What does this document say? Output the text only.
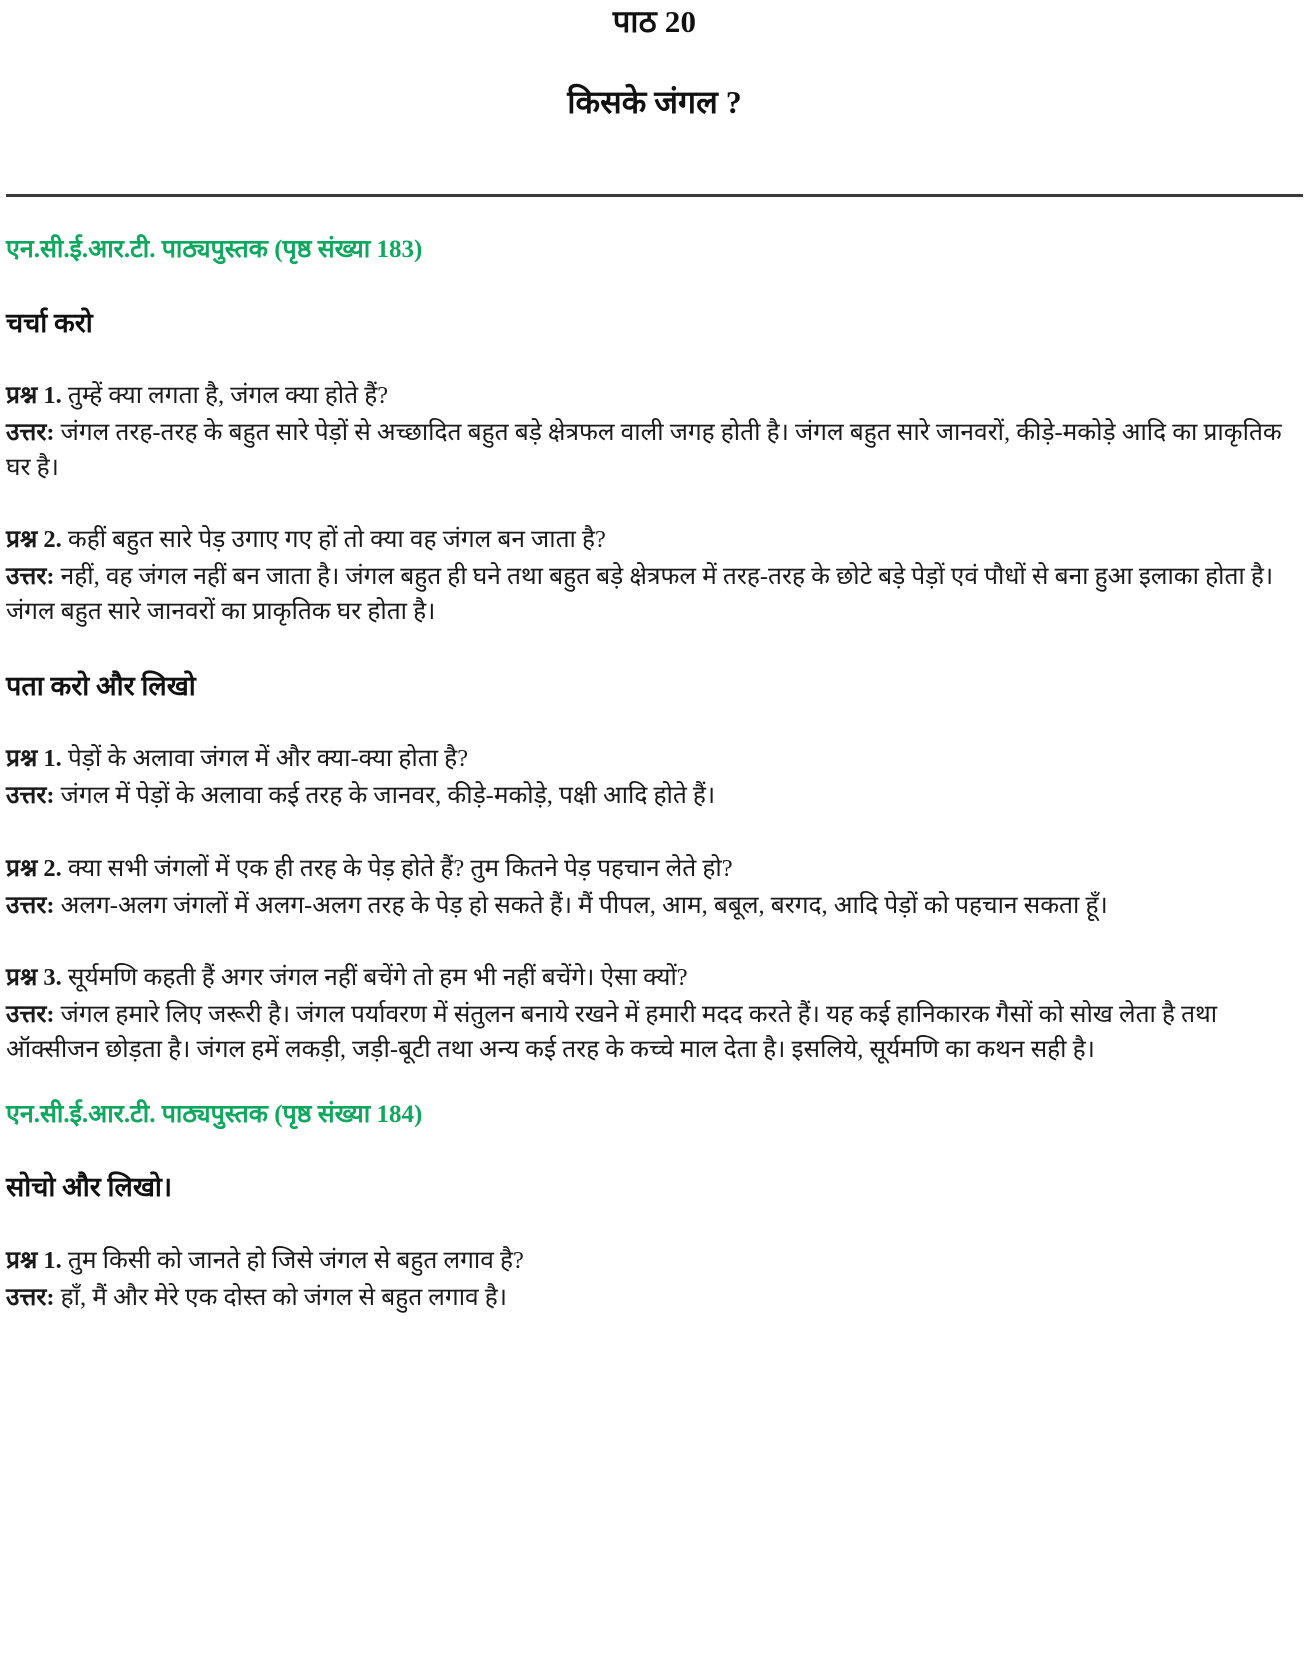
पाठ 20
किसके जंगल ?
एन.सी.ई.आर.टी. पाठ्यपुस्तक (पृष्ठ संख्या 183)
चर्चा करो

प्रश्न 1. तुम्हें क्या लगता है, जंगल क्या होते हैं?

उत्तर: जंगल तरह-तरह के बहुत सारे पेड़ों से अच्छादित बहुत बड़े क्षेत्रफल वाली जगह होती है। जंगल बहुत सारे जानवरों, कीड़े-मकोड़े आदि का प्राकृतिक घर है।

प्रश्न 2. कहीं बहुत सारे पेड़ उगाए गए हों तो क्या वह जंगल बन जाता है?

उत्तर: नहीं, वह जंगल नहीं बन जाता है। जंगल बहुत ही घने तथा बहुत बड़े क्षेत्रफल में तरह-तरह के छोटे बड़े पेड़ों एवं पौधों से बना हुआ इलाका होता है। जंगल बहुत सारे जानवरों का प्राकृतिक घर होता है।

पता करो और लिखो

प्रश्न 1. पेड़ों के अलावा जंगल में और क्या-क्या होता है?

उत्तर: जंगल में पेड़ों के अलावा कई तरह के जानवर, कीड़े-मकोड़े, पक्षी आदि होते हैं।

प्रश्न 2. क्या सभी जंगलों में एक ही तरह के पेड़ होते हैं? तुम कितने पेड़ पहचान लेते हो?

उत्तर: अलग-अलग जंगलों में अलग-अलग तरह के पेड़ हो सकते हैं। मैं पीपल, आम, बबूल, बरगद, आदि पेड़ों को पहचान सकता हूँ।

प्रश्न 3. सूर्यमणि कहती हैं अगर जंगल नहीं बचेंगे तो हम भी नहीं बचेंगे। ऐसा क्यों?

उत्तर: जंगल हमारे लिए जरूरी है। जंगल पर्यावरण में संतुलन बनाये रखने में हमारी मदद करते हैं। यह कई हानिकारक गैसों को सोख लेता है तथा ऑक्सीजन छोड़ता है। जंगल हमें लकड़ी, जड़ी-बूटी तथा अन्य कई तरह के कच्चे माल देता है। इसलिये, सूर्यमणि का कथन सही है।

एन.सी.ई.आर.टी. पाठ्यपुस्तक (पृष्ठ संख्या 184)
सोचो और लिखो।

प्रश्न 1. तुम किसी को जानते हो जिसे जंगल से बहुत लगाव है?

उत्तर: हाँ, मैं और मेरे एक दोस्त को जंगल से बहुत लगाव है।
